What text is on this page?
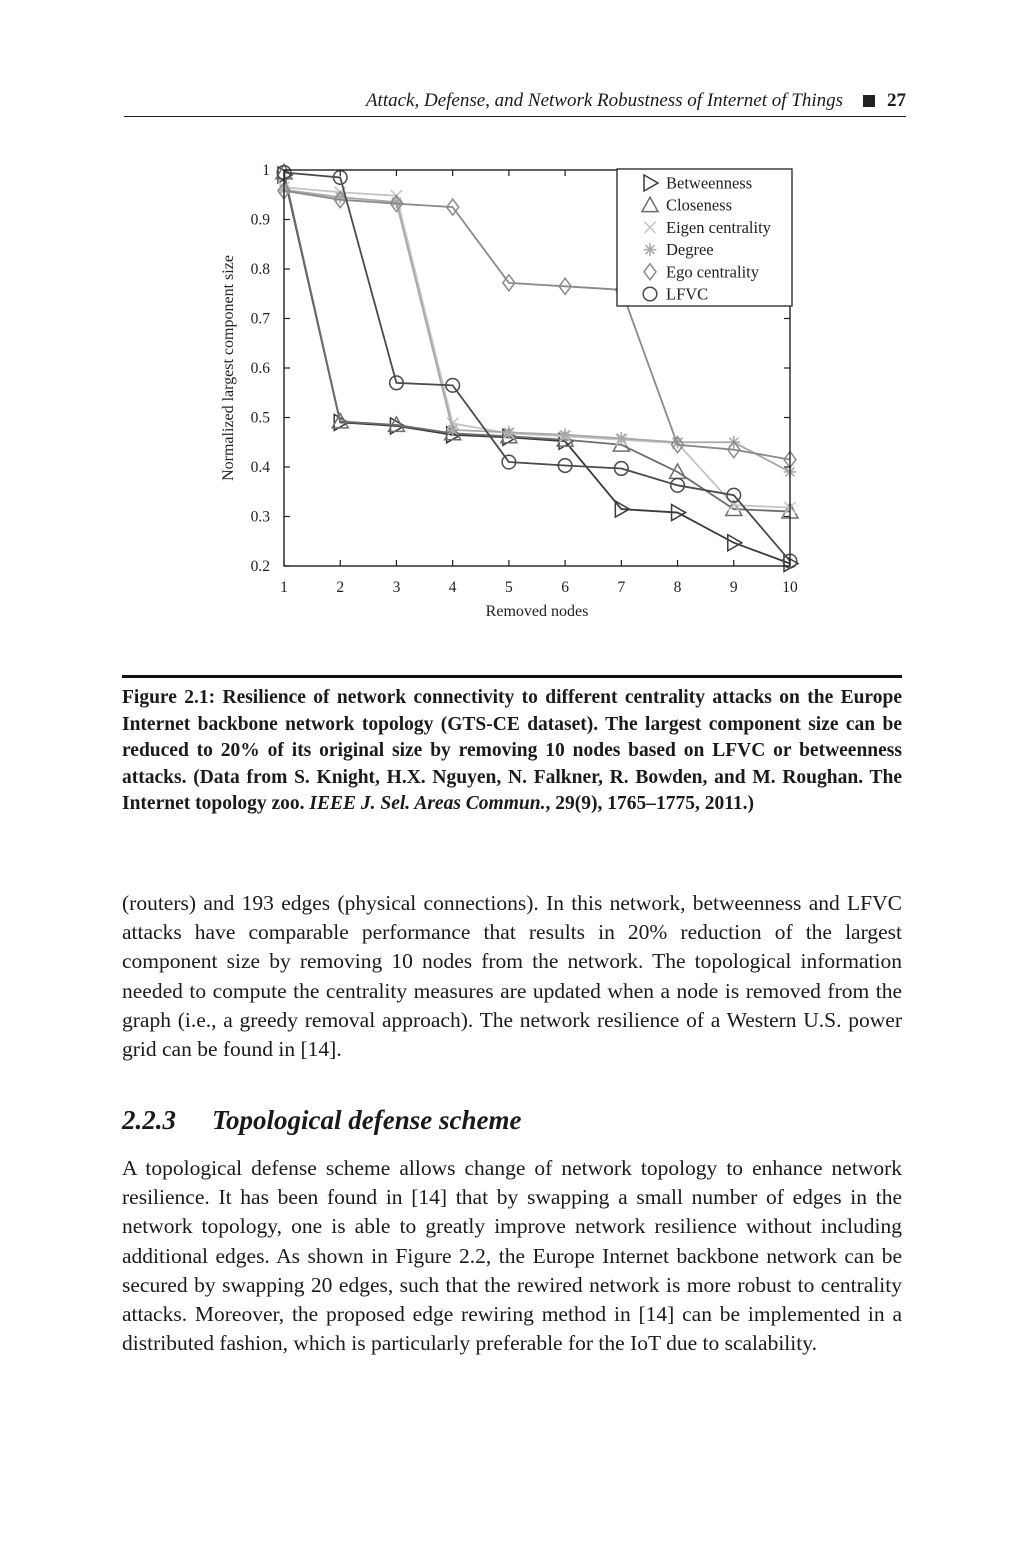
Attack, Defense, and Network Robustness of Internet of Things 27
1	2	3	4	5	6	7	8	9	10
0.2
0.3
0.4
0.5
0.6
0.7
0.8
0.9
1
Removed nodes
Normalized largest component size
Betweenness
Closeness
Eigen centrality
Degree
Ego centrality
LFVC
Figure 2.1: Resilience of network connectivity to different centrality attacks on the Europe Internet backbone network topology (GTS-CE dataset). The largest component size can be reduced to 20% of its original size by removing 10 nodes based on LFVC or betweenness attacks. (Data from S. Knight, H.X. Nguyen, N. Falkner, R. Bowden, and M. Roughan. The Internet topology zoo. IEEE J. Sel. Areas Commun., 29(9), 1765–1775, 2011.)
(routers) and 193 edges (physical connections). In this network, betweenness and LFVC attacks have comparable performance that results in 20% reduction of the largest component size by removing 10 nodes from the network. The topological information needed to compute the centrality measures are updated when a node is removed from the graph (i.e., a greedy removal approach). The network resilience of a Western U.S. power grid can be found in [14].
2.2.3 Topological defense scheme
A topological defense scheme allows change of network topology to enhance network resilience. It has been found in [14] that by swapping a small number of edges in the network topology, one is able to greatly improve network resilience without including additional edges. As shown in Figure 2.2, the Europe Internet backbone network can be secured by swapping 20 edges, such that the rewired network is more robust to centrality attacks. Moreover, the proposed edge rewiring method in [14] can be implemented in a distributed fashion, which is particularly preferable for the IoT due to scalability.
